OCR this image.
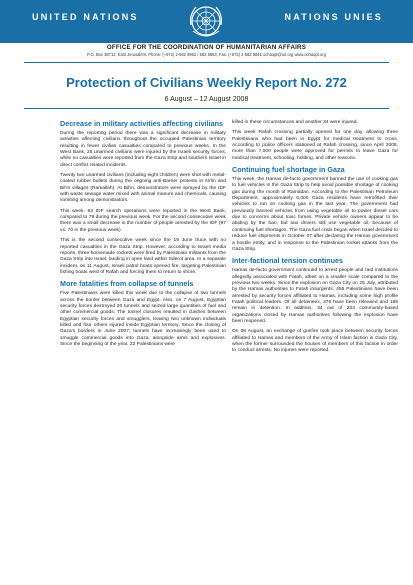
UNITED NATIONS	NATIONS UNIES
OFFICE FOR THE COORDINATION OF HUMANITARIAN AFFAIRS
P.O. Box 38712, East Jerusalem, Phone: (+972) 2-582 9962 / 582 5853, Fax: (+972) 2-582 5841 ochaopt@un.org www.ochaopt.org
Protection of Civilians Weekly Report No. 272
6 August – 12 August 2008
Decrease in military activities affecting civilians

During the reporting period there was a significant decrease in military activities affecting civilians throughout the occupied Palestinian territory resulting in fewer civilian casualties compared to previous weeks. In the West Bank, 25 unarmed civilians were injured by the Israeli security forces, while no casualties were reported from the Gaza Strip and southern Israel in direct conflict related incidents.

Twenty two unarmed civilians (including eight children) were shot with metal-coated rubber bullets during the ongoing anti-Barrier protests in Ni'lin and Bil'in villages (Ramallah). At Bil'in, demonstrators were sprayed by the IDF with waste sewage water mixed with animal manure and chemicals, causing vomiting among demonstrators.

This week, 93 IDF search operations were reported in the West Bank, compared to 78 during the previous week. For the second consecutive week there was a small decrease in the number of people arrested by the IDF (97 vs. 70 in the previous week).

This is the second consecutive week since the 19 June truce with no reported casualties in the Gaza Strip. However, according to Israeli media reports, three homemade rockets were fired by Palestinian militants from the Gaza Strip into Israel, landing in open land within Sderot area. In a separate incident, on 11 August, Israeli patrol boats opened fire, targeting Palestinian fishing boats west of Rafah and forcing them to return to shore.

More fatalities from collapse of tunnels

Five Palestinians were killed this week due to the collapse of two tunnels across the border between Gaza and Egypt. Also, on 7 August, Egyptian security forces destroyed 20 tunnels and seized large quantities of fuel and other commercial goods. The tunnel closures resulted in clashes between Egyptian security forces and smugglers, leaving two unknown individuals killed and four others injured inside Egyptian territory. Since the closing of Gaza's borders in June 2007, tunnels have increasingly been used to smuggle commercial goods into Gaza, alongside arms and explosives. Since the beginning of the year, 22 Palestinians were

killed in these circumstances and another 34 were injured.

This week Rafah crossing partially opened for one day, allowing three Palestinians who had been in Egypt for medical treatment to cross. According to police officers stationed at Rafah crossing, since April 2008, more than 7,000 people were approved for permits to leave Gaza for medical treatment, schooling, holding, and other reasons.

Continuing fuel shortage in Gaza

This week, the Hamas de-facto government banned the use of cooking gas to fuel vehicles in the Gaza Strip to help avoid possible shortage of cooking gas during the month of Ramadan. According to the Palestinian Petroleum Department, approximately 6,000 Gaza residents have retrofitted their vehicles to run on cooking gas in the last year. The government had previously banned vehicles from using vegetable oil to power diesel cars due to concerns about toxic fumes. Private vehicle owners appear to be abiding by the ban, but taxi drivers still use vegetable oil, because of continuing fuel shortages. The Gaza fuel crisis began when Israel decided to reduce fuel shipments in October 07 after declaring the Hamas government a hostile entity, and in response to the Palestinian rocket attacks from the Gaza Strip.

Inter-factional tension continues

Hamas de-facto government continued to arrest people and raid institutions allegedly associated with Fatah, albeit on a smaller scale compared to the previous two weeks. Since the explosion on Gaza City on 25 July, attributed by the Hamas authorities to Fatah insurgents, 455 Palestinians have been arrested by security forces affiliated to Hamas, including some high profile Fatah political leaders. Of all detainees, 376 have been released and 189 remain in detention. In addition, 34 out of 204 community-based organizations closed by Hamas authorities following the explosion have been reopened.

On 08 August, an exchange of gunfire took place between security forces affiliated to Hamas and members of the Army of Islam faction in Gaza City, when the former surrounded the houses of members of this faction in order to conduct arrests. No injuries were reported.
